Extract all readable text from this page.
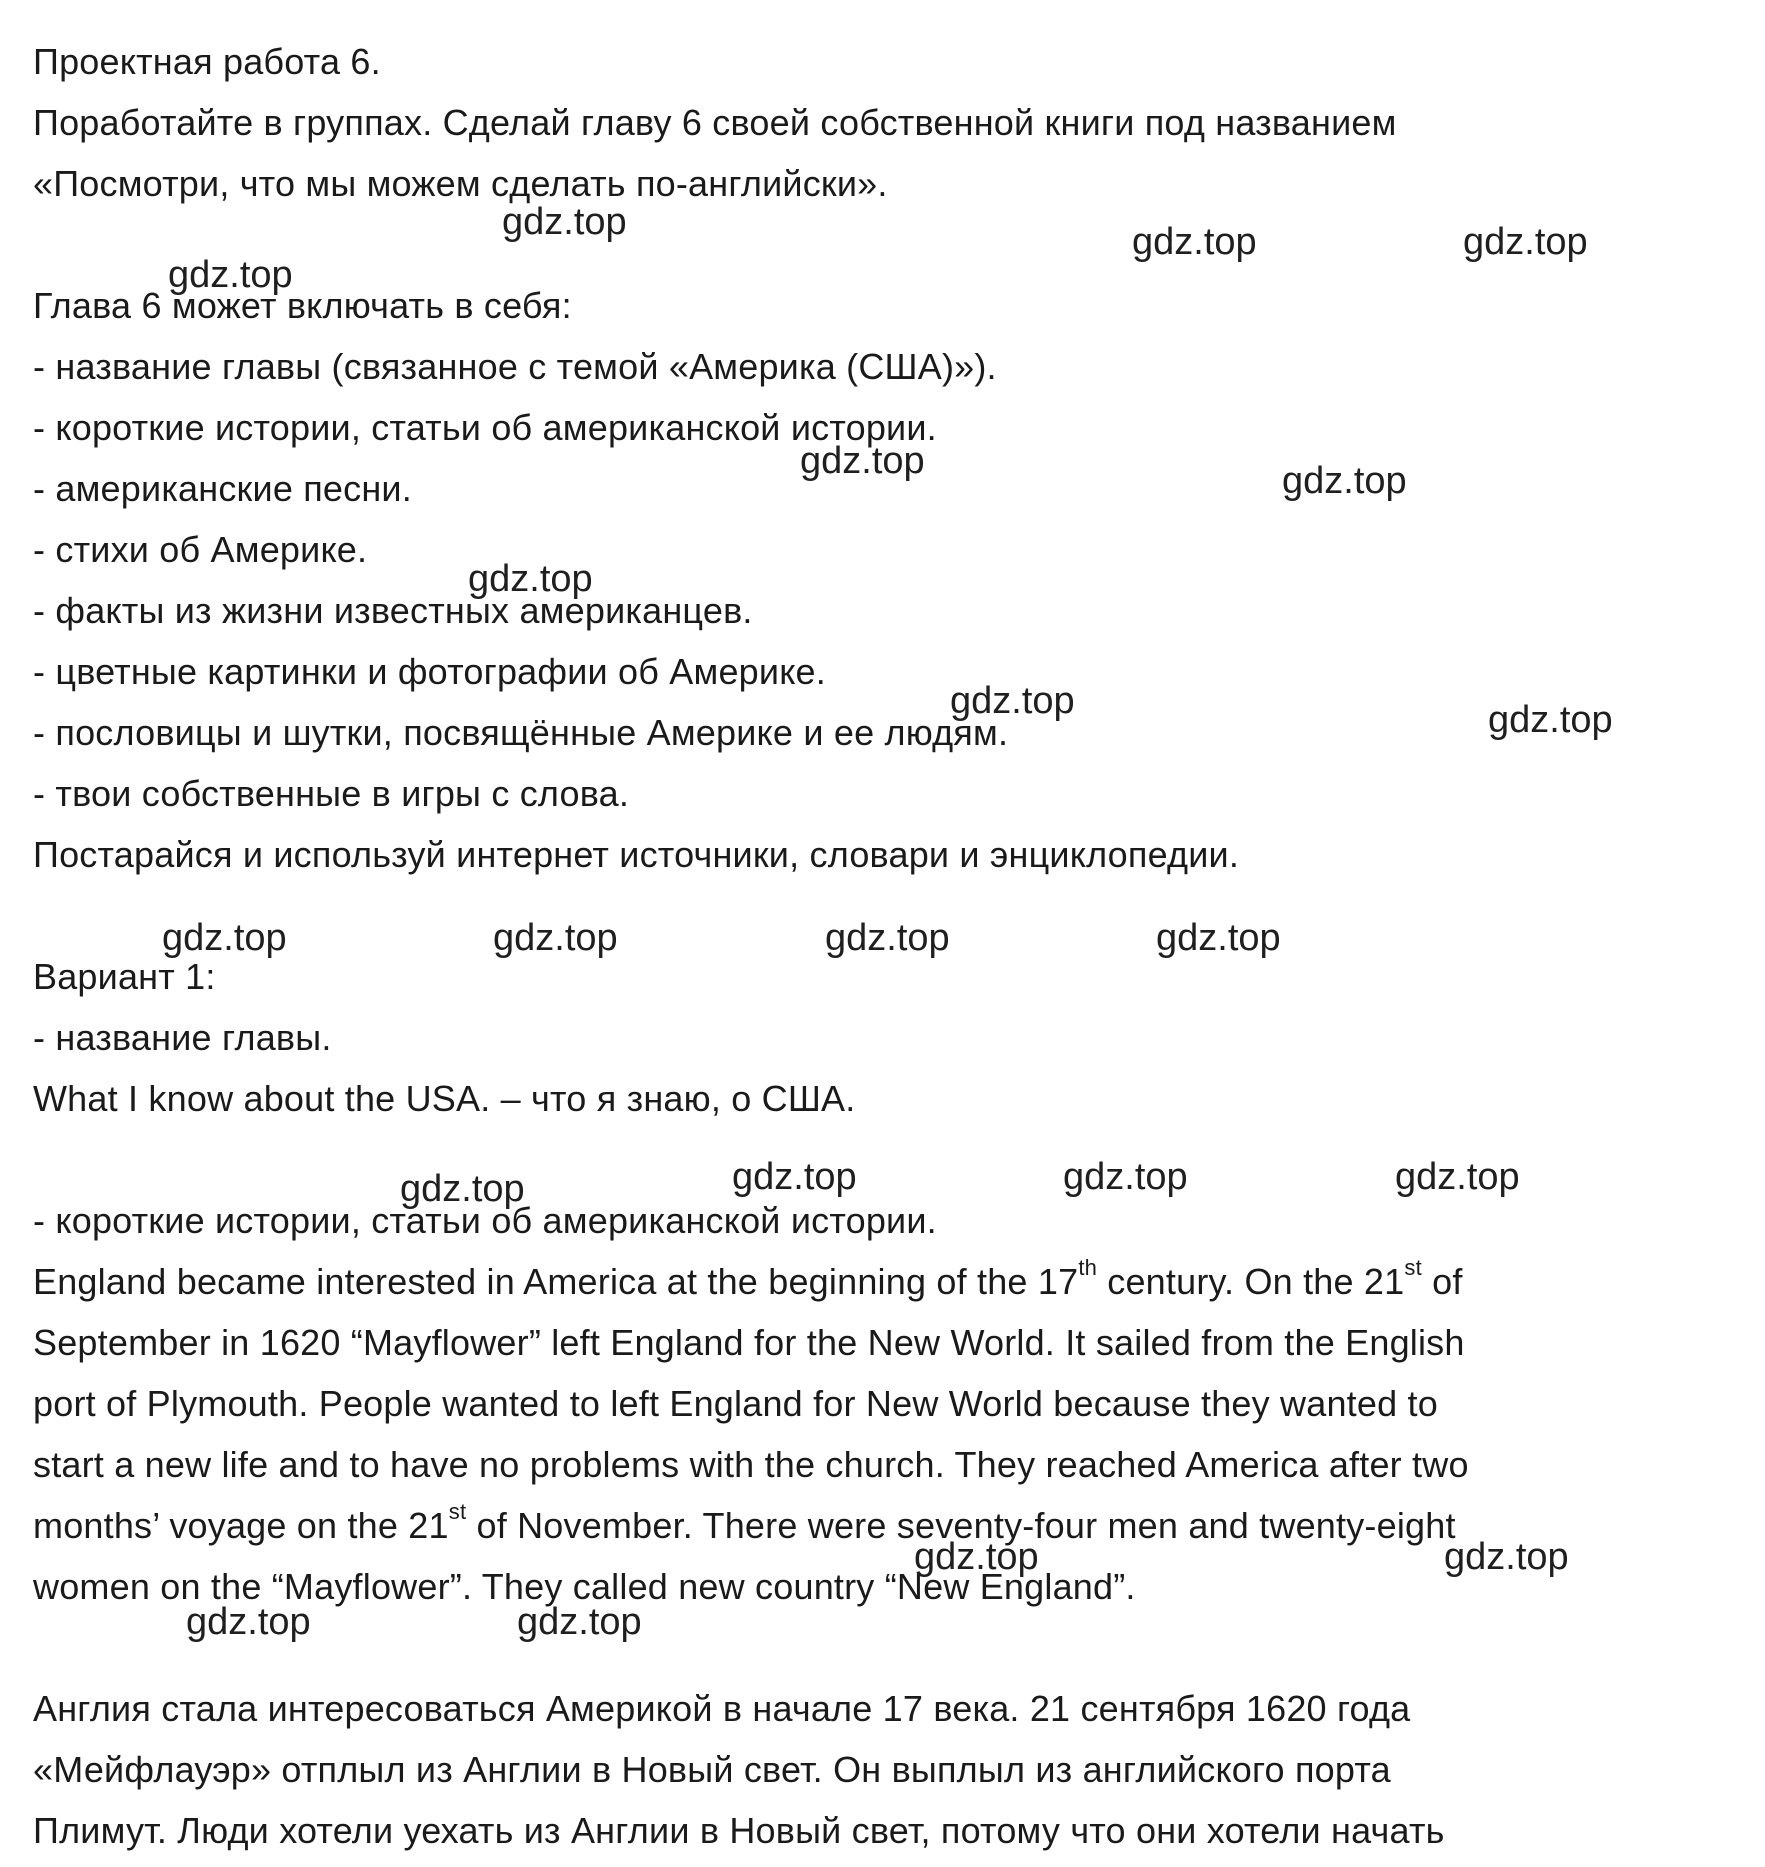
Проектная работа 6.
Поработайте в группах. Сделай главу 6 своей собственной книги под названием
«Посмотри, что мы можем сделать по-английски».
Глава 6 может включать в себя:
- название главы (связанное с темой «Америка (США)»).
- короткие истории, статьи об американской истории.
- американские песни.
- стихи об Америке.
- факты из жизни известных американцев.
- цветные картинки и фотографии об Америке.
- пословицы и шутки, посвящённые Америке и ее людям.
- твои собственные в игры с слова.
Постарайся и используй интернет источники, словари и энциклопедии.
Вариант 1:
- название главы.
What I know about the USA. – что я знаю, о США.
- короткие истории, статьи об американской истории.
England became interested in America at the beginning of the 17th century. On the 21st of
September in 1620 “Mayflower” left England for the New World. It sailed from the English
port of Plymouth. People wanted to left England for New World because they wanted to
start a new life and to have no problems with the church. They reached America after two
months’ voyage on the 21st of November. There were seventy-four men and twenty-eight
women on the “Mayflower”. They called new country “New England”.
Англия стала интересоваться Америкой в начале 17 века. 21 сентября 1620 года
«Мейфлауэр» отплыл из Англии в Новый свет. Он выплыл из английского порта
Плимут. Люди хотели уехать из Англии в Новый свет, потому что они хотели начать
gdz.top	gdz.top	gdz.top
gdz.top
gdz.top	gdz.top
gdz.top
gdz.top	gdz.top
gdz.top	gdz.top	gdz.top	gdz.top
gdz.top	gdz.top	gdz.top	gdz.top
gdz.top	gdz.top
gdz.top	gdz.top
